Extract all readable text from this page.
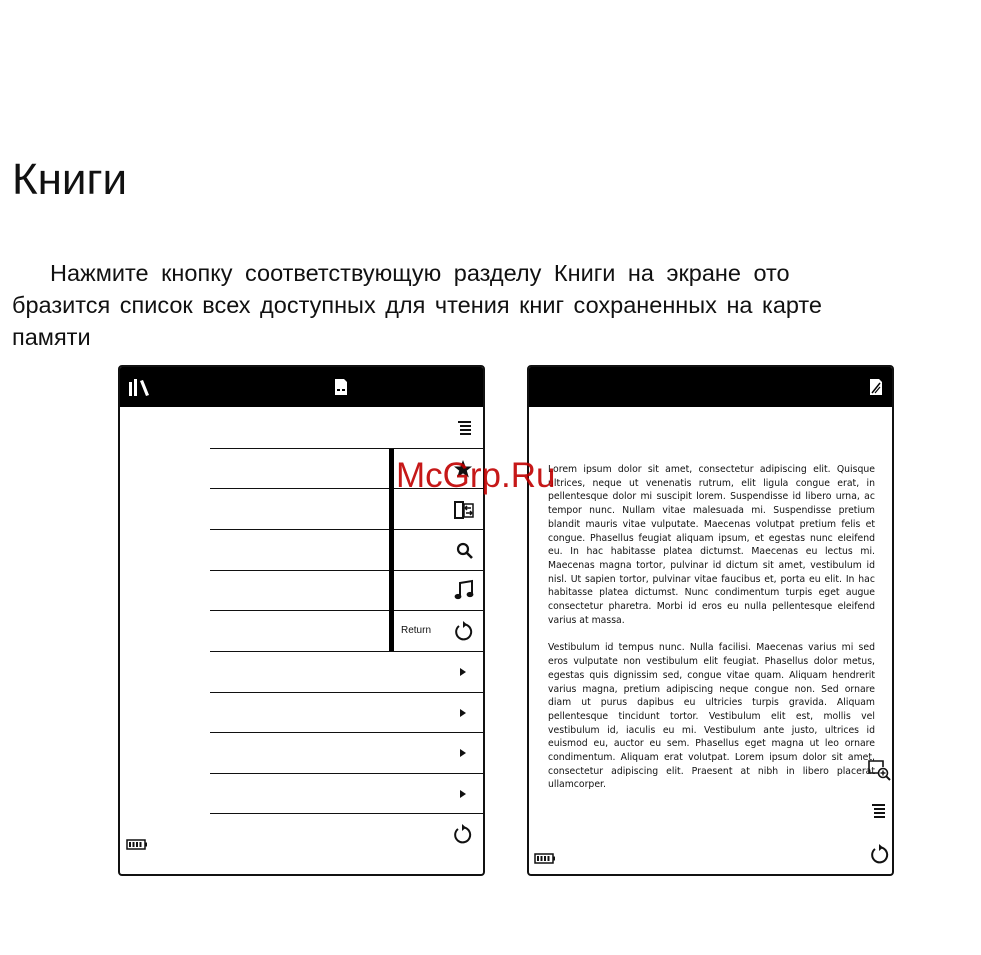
Книги
Нажмите кнопку соответствующую разделу Книги на экране ото
бразится список всех доступных для чтения книг сохраненных на карте
памяти
Return

Lorem ipsum dolor sit amet, consectetur adipiscing elit. Quisque ultrices, neque ut venenatis rutrum, elit ligula congue erat, in pellentesque dolor mi suscipit lorem. Suspendisse id libero urna, ac tempor nunc. Nullam vitae malesuada mi. Suspendisse pretium blandit mauris vitae vulputate. Maecenas volutpat pretium felis et congue. Phasellus feugiat aliquam ipsum, et egestas nunc eleifend eu. In hac habitasse platea dictumst. Maecenas eu lectus mi. Maecenas magna tortor, pulvinar id dictum sit amet, vestibulum id nisl. Ut sapien tortor, pulvinar vitae faucibus et, porta eu elit. In hac habitasse platea dictumst. Nunc condimentum turpis eget augue consectetur pharetra. Morbi id eros eu nulla pellentesque eleifend varius at massa.

Vestibulum id tempus nunc. Nulla facilisi. Maecenas varius mi sed eros vulputate non vestibulum elit feugiat. Phasellus dolor metus, egestas quis dignissim sed, congue vitae quam. Aliquam hendrerit varius magna, pretium adipiscing neque congue non. Sed ornare diam ut purus dapibus eu ultricies turpis gravida. Aliquam pellentesque tincidunt tortor. Vestibulum elit est, mollis vel vestibulum id, iaculis eu mi. Vestibulum ante justo, ultrices id euismod eu, auctor eu sem. Phasellus eget magna ut leo ornare condimentum. Aliquam erat volutpat. Lorem ipsum dolor sit amet, consectetur adipiscing elit. Praesent at nibh in libero placerat ullamcorper.

McGrp.Ru
